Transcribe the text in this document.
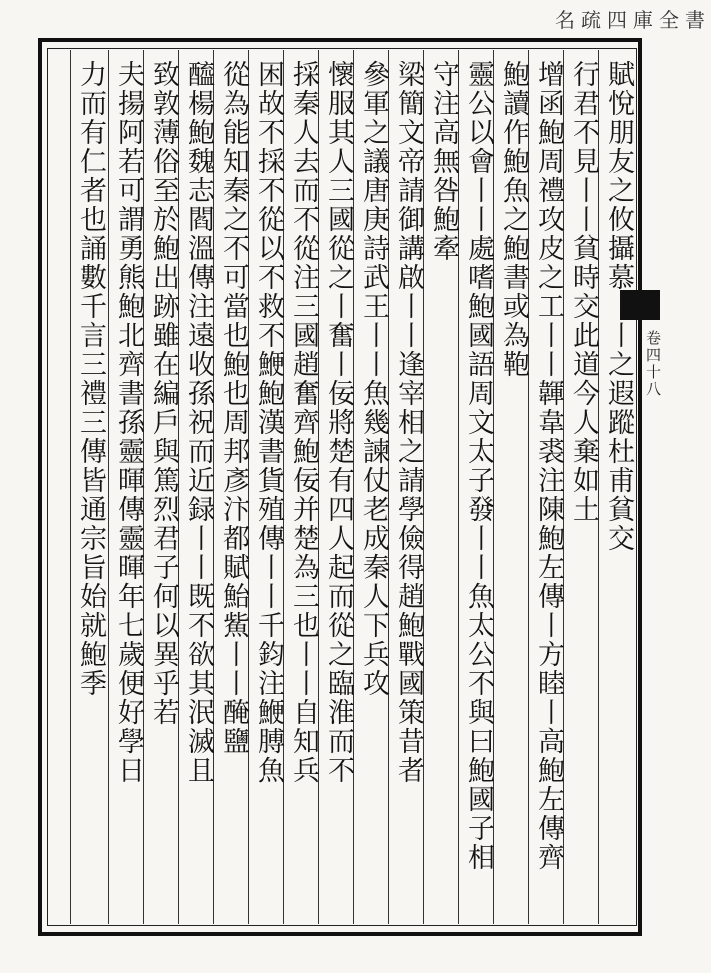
名疏四庫全書
卷四十八
賦悅朋友之攸攝慕丨丨之遐蹤杜甫貧交
行君不見丨丨貧時交此道今人棄如土
增函鮑周禮攻皮之工丨丨韗韋裘注陳鮑左傳丨方睦丨高鮑左傳齊
鮑讀作鮑魚之鮑書或為鞄
靈公以會丨丨處嗜鮑國語周文太子發丨丨魚太公不與曰鮑國子相
守注高無咎鮑牽
梁簡文帝請御講啟丨丨逢宰相之請學儉得趙鮑戰國策昔者
參軍之議唐庚詩武王丨丨魚幾諫仗老成秦人下兵攻
懷服其人三國從之丨奮丨佞將楚有四人起而從之臨淮而不
採秦人去而不從注三國趙奮齊鮑佞并楚為三也丨丨自知兵
困故不採不從以不救不鯾鮑漢書貨殖傳丨丨千鈞注鯾膊魚
從為能知秦之不可當也鮑也周邦彥汴都賦鮐鮆丨丨醃鹽
醯楊鮑魏志閻溫傳注遠收孫祝而近録丨丨既不欲其泯滅且
致敦薄俗至於鮑出跡雖在編戶與篤烈君子何以異乎若
夫揚阿若可謂勇熊鮑北齊書孫靈暉傳靈暉年七歲便好學日
力而有仁者也誦數千言三禮三傳皆通宗旨始就鮑季
